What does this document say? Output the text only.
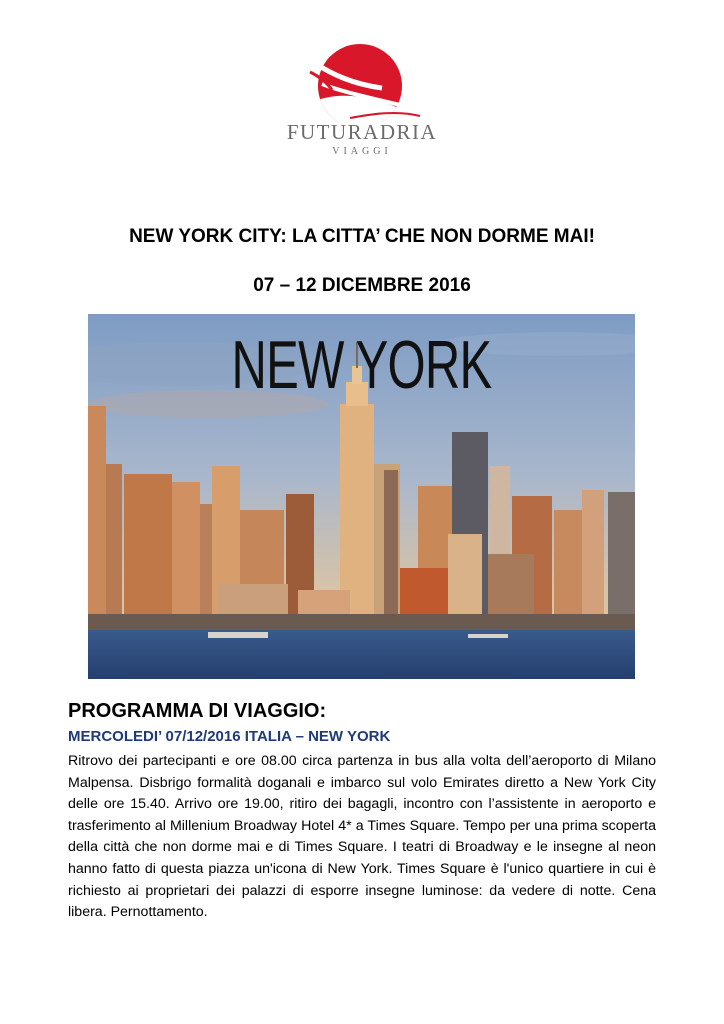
FUTURADRIA
VIAGGI
NEW YORK CITY: LA CITTA’ CHE NON DORME MAI!
07 – 12 DICEMBRE 2016
NEW YORK
PROGRAMMA DI VIAGGIO:
MERCOLEDI’ 07/12/2016 ITALIA – NEW YORK
Ritrovo dei partecipanti e ore 08.00 circa partenza in bus alla volta dell’aeroporto di Milano Malpensa. Disbrigo formalità doganali e imbarco sul volo Emirates diretto a New York City delle ore 15.40. Arrivo ore 19.00, ritiro dei bagagli, incontro con l’assistente in aeroporto e trasferimento al Millenium Broadway Hotel 4* a Times Square. Tempo per una prima scoperta della città che non dorme mai e di Times Square. I teatri di Broadway e le insegne al neon hanno fatto di questa piazza un'icona di New York. Times Square è l'unico quartiere in cui è richiesto ai proprietari dei palazzi di esporre insegne luminose: da vedere di notte. Cena libera. Pernottamento.
